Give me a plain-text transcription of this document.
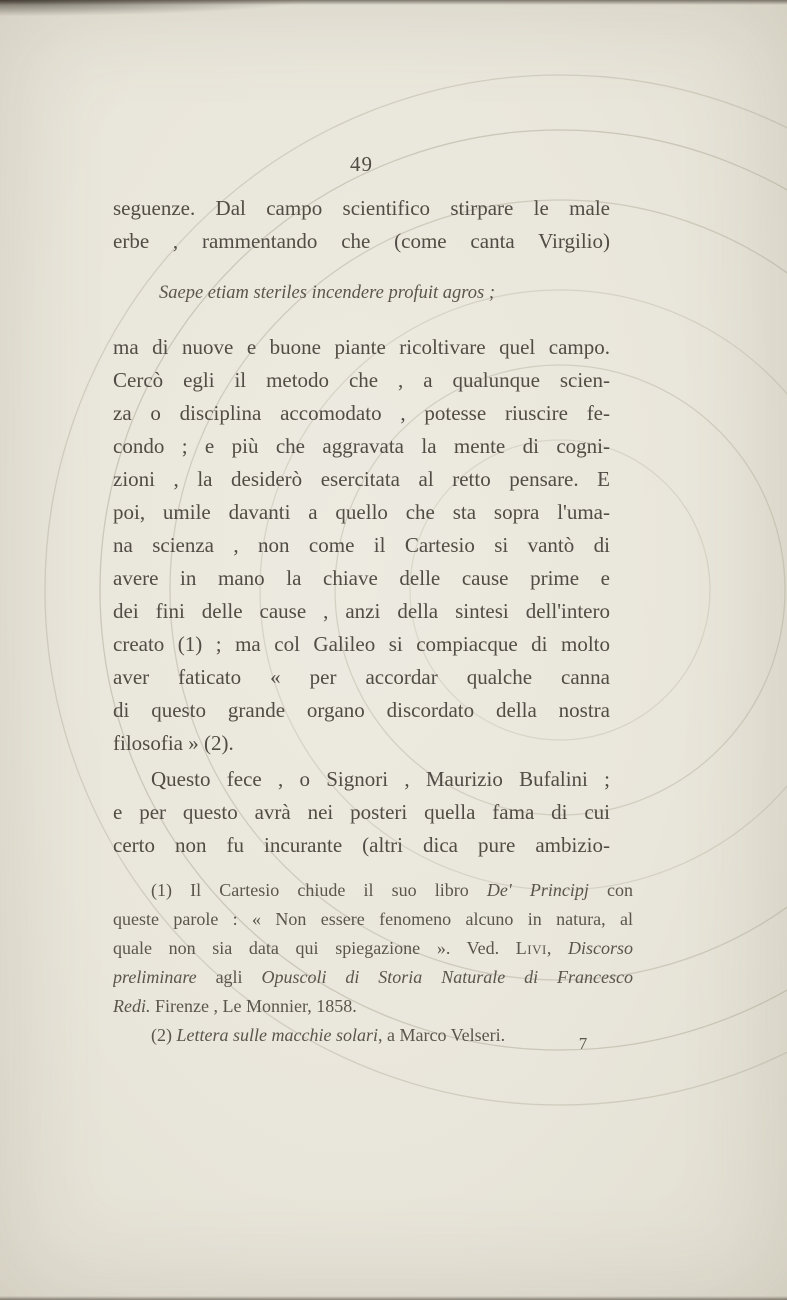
49
seguenze. Dal campo scientifico stirpare le male
erbe , rammentando che (come canta Virgilio)
Saepe etiam steriles incendere profuit agros ;
ma di nuove e buone piante ricoltivare quel campo.
Cercò egli il metodo che , a qualunque scien-
za o disciplina accomodato , potesse riuscire fe-
condo ; e più che aggravata la mente di cogni-
zioni , la desiderò esercitata al retto pensare. E
poi, umile davanti a quello che sta sopra l'uma-
na scienza , non come il Cartesio si vantò di
avere in mano la chiave delle cause prime e
dei fini delle cause , anzi della sintesi dell'intero
creato (1) ; ma col Galileo si compiacque di molto
aver faticato « per accordar qualche canna
di questo grande organo discordato della nostra
filosofia » (2).
Questo fece , o Signori , Maurizio Bufalini ;
e per questo avrà nei posteri quella fama di cui
certo non fu incurante (altri dica pure ambizio-
(1) Il Cartesio chiude il suo libro De' Principj con
queste parole : « Non essere fenomeno alcuno in natura, al
quale non sia data qui spiegazione ». Ved. Livi, Discorso
preliminare agli Opuscoli di Storia Naturale di Francesco
Redi. Firenze , Le Monnier, 1858.
(2) Lettera sulle macchie solari, a Marco Velseri.	7
